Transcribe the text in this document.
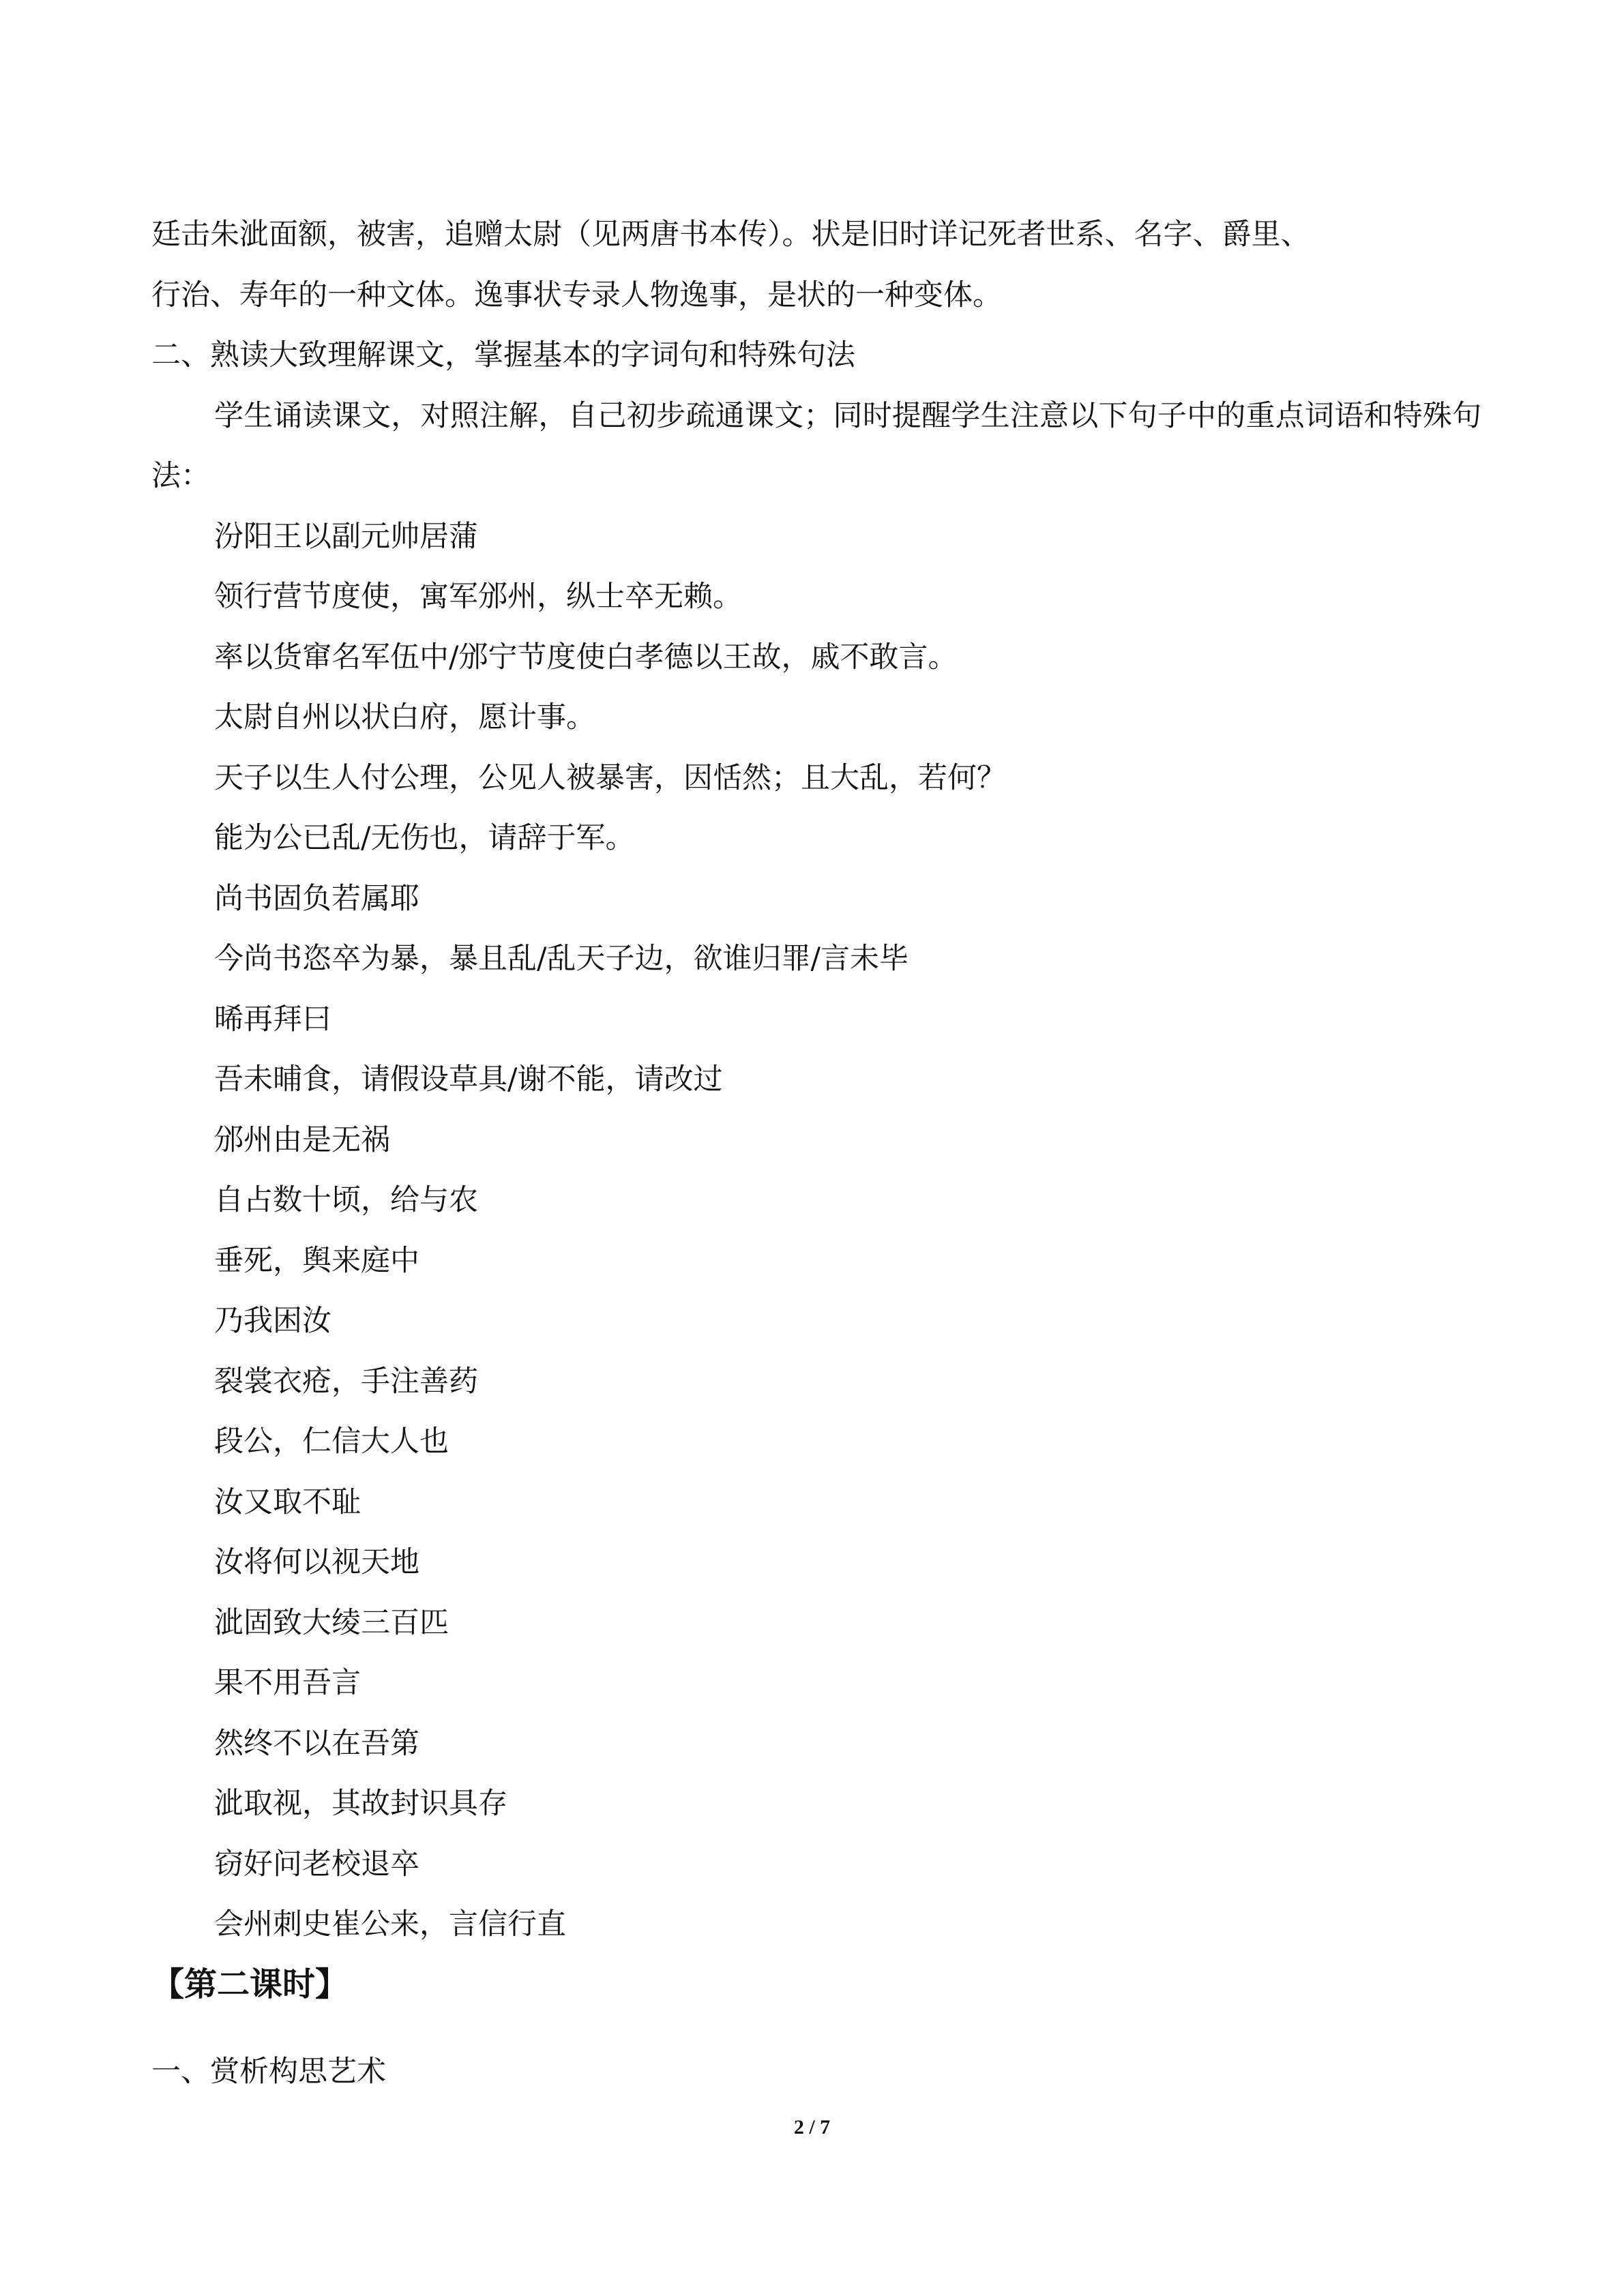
廷击朱泚面额，被害，追赠太尉（见两唐书本传）。状是旧时详记死者世系、名字、爵里、

行治、寿年的一种文体。逸事状专录人物逸事，是状的一种变体。

二、熟读大致理解课文，掌握基本的字词句和特殊句法

学生诵读课文，对照注解，自己初步疏通课文；同时提醒学生注意以下句子中的重点词语和特殊句法：

汾阳王以副元帅居蒲

领行营节度使，寓军邠州，纵士卒无赖。

率以货窜名军伍中/邠宁节度使白孝德以王故，戚不敢言。

太尉自州以状白府，愿计事。

天子以生人付公理，公见人被暴害，因恬然；且大乱，若何？

能为公已乱/无伤也，请辞于军。

尚书固负若属耶

今尚书恣卒为暴，暴且乱/乱天子边，欲谁归罪/言未毕

晞再拜曰

吾未晡食，请假设草具/谢不能，请改过

邠州由是无祸

自占数十顷，给与农

垂死，舆来庭中

乃我困汝

裂裳衣疮，手注善药

段公，仁信大人也

汝又取不耻

汝将何以视天地

泚固致大绫三百匹

果不用吾言

然终不以在吾第

泚取视，其故封识具存

窃好问老校退卒

会州刺史崔公来，言信行直

【第二课时】
一、赏析构思艺术
2 / 7
